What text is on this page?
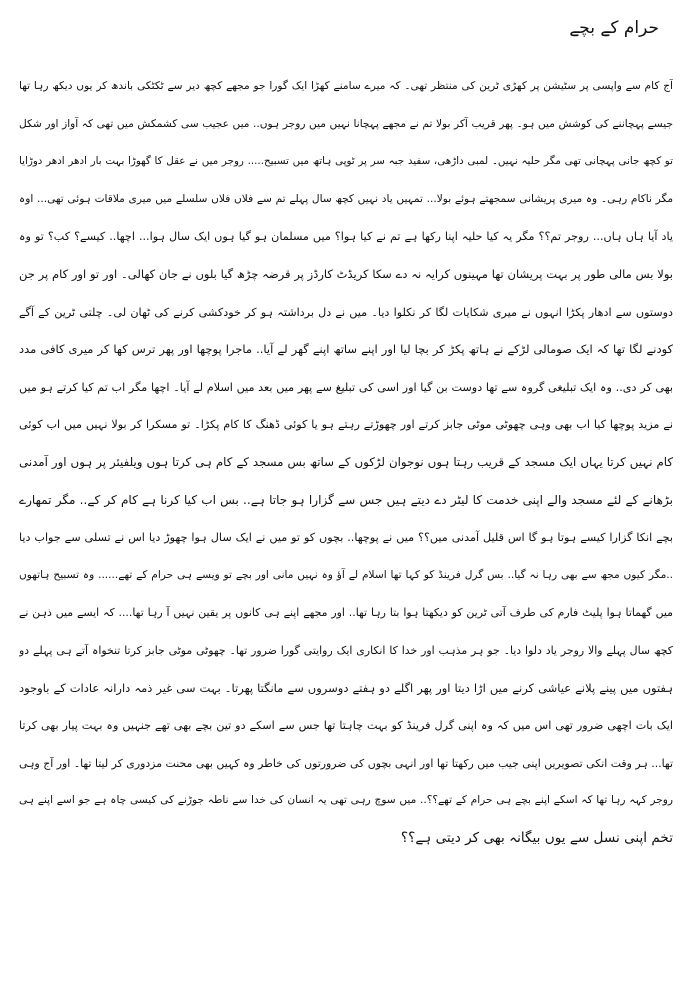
حرام کے بچے
آج کام سے واپسی پر سٹیشن پر کھڑی ٹرین کی منتظر تھی۔ کہ میرے سامنے کھڑا ایک گورا جو مجھے کچھ دیر سے ٹکٹکی باندھ کر یوں دیکھ رہا تھا
جیسے پہچاننے کی کوشش میں ہو۔ پھر قریب آکر بولا تم نے مجھے پہچانا نہیں میں روجر ہوں.. میں عجیب سی کشمکش میں تھی کہ آواز اور شکل
تو کچھ جانی پہچانی تھی مگر حلیہ نہیں۔ لمبی داڑھی، سفید جبہ سر پر ٹوپی ہاتھ میں تسبیح..... روجر میں نے عقل کا گھوڑا بہت بار ادھر ادھر دوڑایا
مگر ناکام رہی۔ وہ میری پریشانی سمجھتے ہوئے بولا... تمہیں یاد نہیں کچھ سال پہلے تم سے فلاں فلاں سلسلے میں میری ملاقات ہوئی تھی... اوہ
یاد آیا ہاں ہاں... روجر تم؟؟ مگر یہ کیا حلیہ اپنا رکھا ہے تم نے کیا ہوا؟ میں مسلمان ہو گیا ہوں ایک سال ہوا... اچھا.. کیسے؟ کب؟ تو وہ
بولا بس مالی طور پر بہت پریشان تھا مہینوں کرایہ نہ دے سکا کریڈٹ کارڈز پر قرضہ چڑھ گیا بلوں نے جان کھالی۔ اور تو اور کام پر جن
دوستوں سے ادھار پکڑا انہوں نے میری شکایات لگا کر نکلوا دیا۔ میں نے دل برداشتہ ہو کر خودکشی کرنے کی ٹھان لی۔ چلتی ٹرین کے آگے
کودنے لگا تھا کہ ایک صومالی لڑکے نے ہاتھ پکڑ کر بچا لیا اور اپنے ساتھ اپنے گھر لے آیا.. ماجرا پوچھا اور پھر ترس کھا کر میری کافی مدد
بھی کر دی.. وہ ایک تبلیغی گروہ سے تھا دوست بن گیا اور اسی کی تبلیغ سے پھر میں بعد میں اسلام لے آیا۔ اچھا مگر اب تم کیا کرتے ہو میں
نے مزید پوچھا کیا اب بھی وہی چھوٹی موٹی جابز کرتے اور چھوڑتے رہتے ہو یا کوئی ڈھنگ کا کام پکڑا۔ تو مسکرا کر بولا نہیں میں اب کوئی
کام نہیں کرتا یہاں ایک مسجد کے قریب رہتا ہوں نوجوان لڑکوں کے ساتھ بس مسجد کے کام ہی کرتا ہوں ویلفیئر پر ہوں اور آمدنی
بڑھانے کے لئے مسجد والے اپنی خدمت کا لیٹر دے دیتے ہیں جس سے گزارا ہو جاتا ہے.. بس اب کیا کرنا ہے کام کر کے.. مگر تمھارے
بچے انکا گزارا کیسے ہوتا ہو گا اس قلیل آمدنی میں؟؟ میں نے پوچھا.. بچوں کو تو میں نے ایک سال ہوا چھوڑ دیا اس نے تسلی سے جواب دیا
..مگر کیوں مجھ سے بھی رہا نہ گیا.. بس گرل فرینڈ کو کہا تھا اسلام لے آؤ وہ نہیں مانی اور بچے تو ویسے ہی حرام کے تھے...... وہ تسبیح ہاتھوں
میں گھماتا ہوا پلیٹ فارم کی طرف آتی ٹرین کو دیکھتا ہوا بتا رہا تھا.. اور مجھے اپنے ہی کانوں پر یقین نہیں آ رہا تھا.... کہ ایسے میں ذہن نے
کچھ سال پہلے والا روجر یاد دلوا دیا۔ جو ہر مذہب اور خدا کا انکاری ایک روایتی گورا ضرور تھا۔ چھوٹی موٹی جابز کرتا تنخواہ آتے ہی پہلے دو
ہفتوں میں پینے پلانے عیاشی کرنے میں اڑا دیتا اور پھر اگلے دو ہفتے دوسروں سے مانگتا پھرتا۔ بہت سی غیر ذمہ دارانہ عادات کے باوجود
ایک بات اچھی ضرور تھی اس میں کہ وہ اپنی گرل فرینڈ کو بہت چاہتا تھا جس سے اسکے دو تین بچے بھی تھے جنہیں وہ بہت پیار بھی کرتا
تھا... ہر وقت انکی تصویریں اپنی جیب میں رکھتا تھا اور انہی بچوں کی ضرورتوں کی خاطر وہ کہیں بھی محنت مزدوری کر لیتا تھا۔ اور آج وہی
روجر کہہ رہا تھا کہ اسکے اپنے بچے ہی حرام کے تھے؟؟.. میں سوچ رہی تھی یہ انسان کی خدا سے ناطہ جوڑنے کی کیسی چاہ ہے جو اسے اپنے ہی
تخم اپنی نسل سے یوں بیگانہ بھی کر دیتی ہے؟؟
